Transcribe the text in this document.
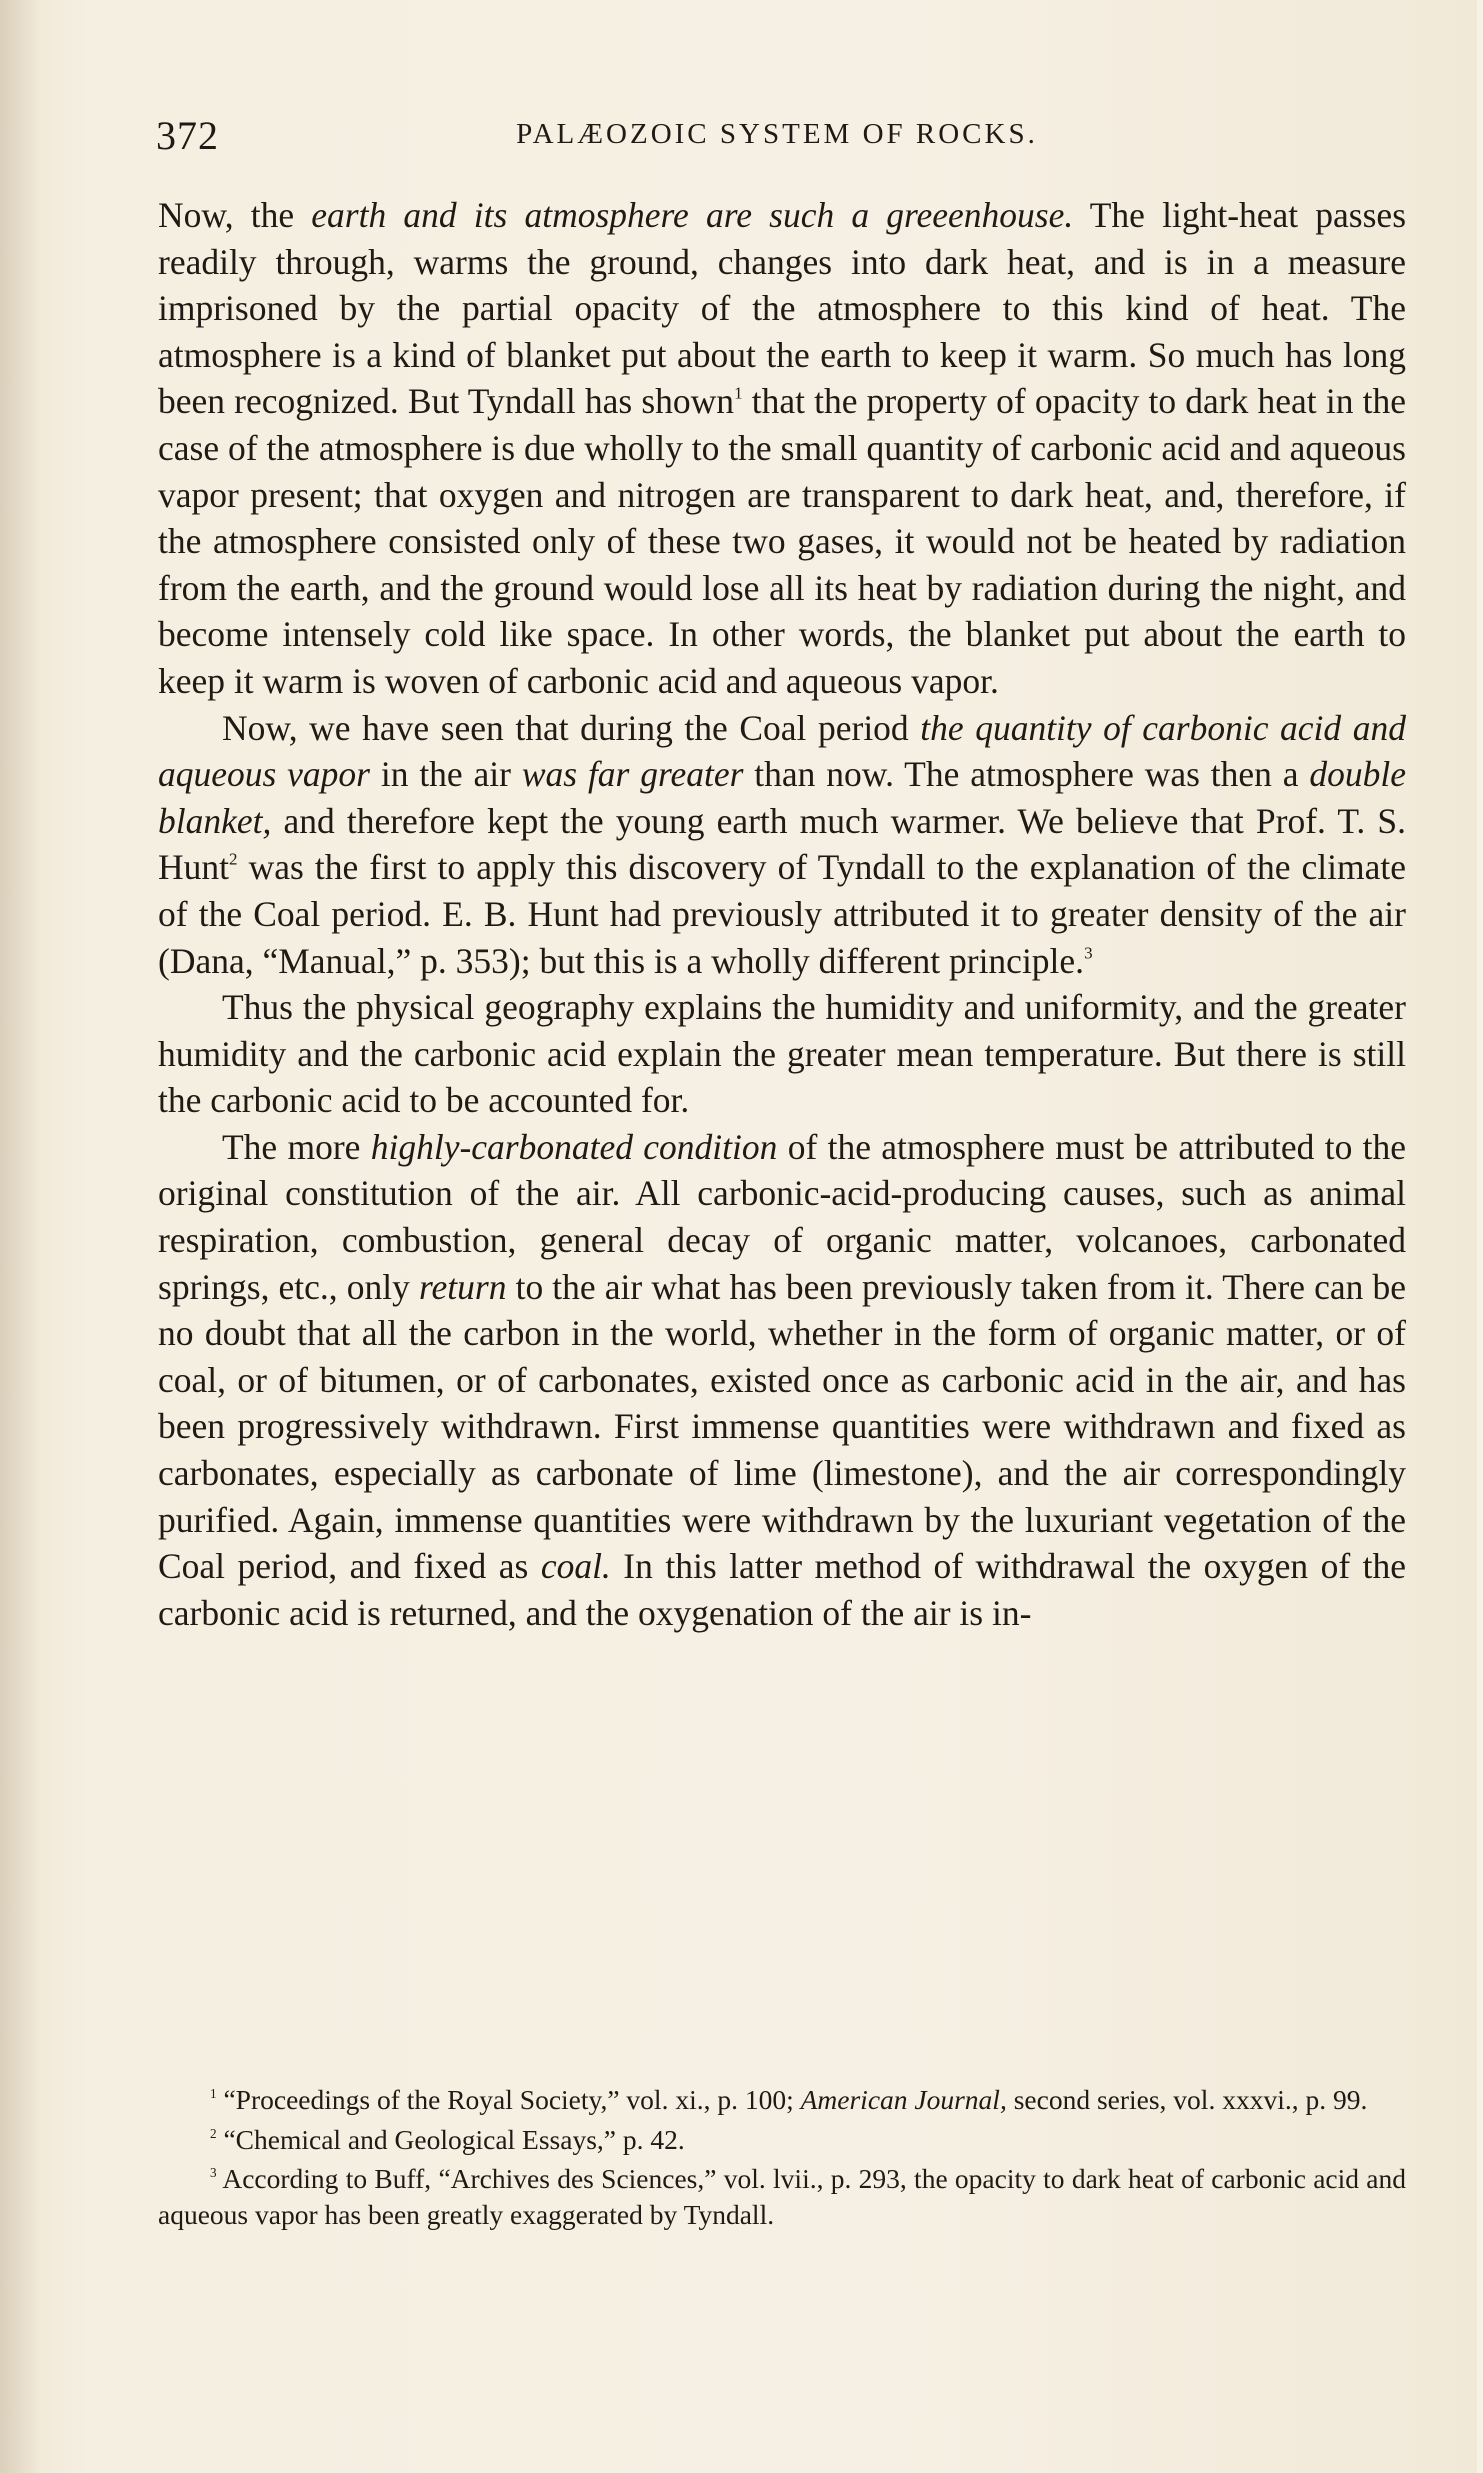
372	PALÆOZOIC SYSTEM OF ROCKS.

Now, the earth and its atmosphere are such a greeenhouse. The light-heat passes readily through, warms the ground, changes into dark heat, and is in a measure imprisoned by the partial opacity of the atmosphere to this kind of heat. The atmosphere is a kind of blanket put about the earth to keep it warm. So much has long been recognized. But Tyndall has shown$^1$ that the property of opacity to dark heat in the case of the atmosphere is due wholly to the small quantity of carbonic acid and aqueous vapor present; that oxygen and nitrogen are transparent to dark heat, and, therefore, if the atmosphere consisted only of these two gases, it would not be heated by radiation from the earth, and the ground would lose all its heat by radiation during the night, and become intensely cold like space. In other words, the blanket put about the earth to keep it warm is woven of carbonic acid and aqueous vapor.

Now, we have seen that during the Coal period the quantity of carbonic acid and aqueous vapor in the air was far greater than now. The atmosphere was then a double blanket, and therefore kept the young earth much warmer. We believe that Prof. T. S. Hunt$^2$ was the first to apply this discovery of Tyndall to the explanation of the climate of the Coal period. E. B. Hunt had previously attributed it to greater density of the air (Dana, “Manual,” p. 353); but this is a wholly different principle.$^3$

Thus the physical geography explains the humidity and uniformity, and the greater humidity and the carbonic acid explain the greater mean temperature. But there is still the carbonic acid to be accounted for.

The more highly-carbonated condition of the atmosphere must be attributed to the original constitution of the air. All carbonic-acid-producing causes, such as animal respiration, combustion, general decay of organic matter, volcanoes, carbonated springs, etc., only return to the air what has been previously taken from it. There can be no doubt that all the carbon in the world, whether in the form of organic matter, or of coal, or of bitumen, or of carbonates, existed once as carbonic acid in the air, and has been progressively withdrawn. First immense quantities were withdrawn and fixed as carbonates, especially as carbonate of lime (limestone), and the air correspondingly purified. Again, immense quantities were withdrawn by the luxuriant vegetation of the Coal period, and fixed as coal. In this latter method of withdrawal the oxygen of the carbonic acid is returned, and the oxygenation of the air is in-

$^1$ “Proceedings of the Royal Society,” vol. xi., p. 100; American Journal, second series, vol. xxxvi., p. 99.

$^2$ “Chemical and Geological Essays,” p. 42.

$^3$ According to Buff, “Archives des Sciences,” vol. lvii., p. 293, the opacity to dark heat of carbonic acid and aqueous vapor has been greatly exaggerated by Tyndall.
